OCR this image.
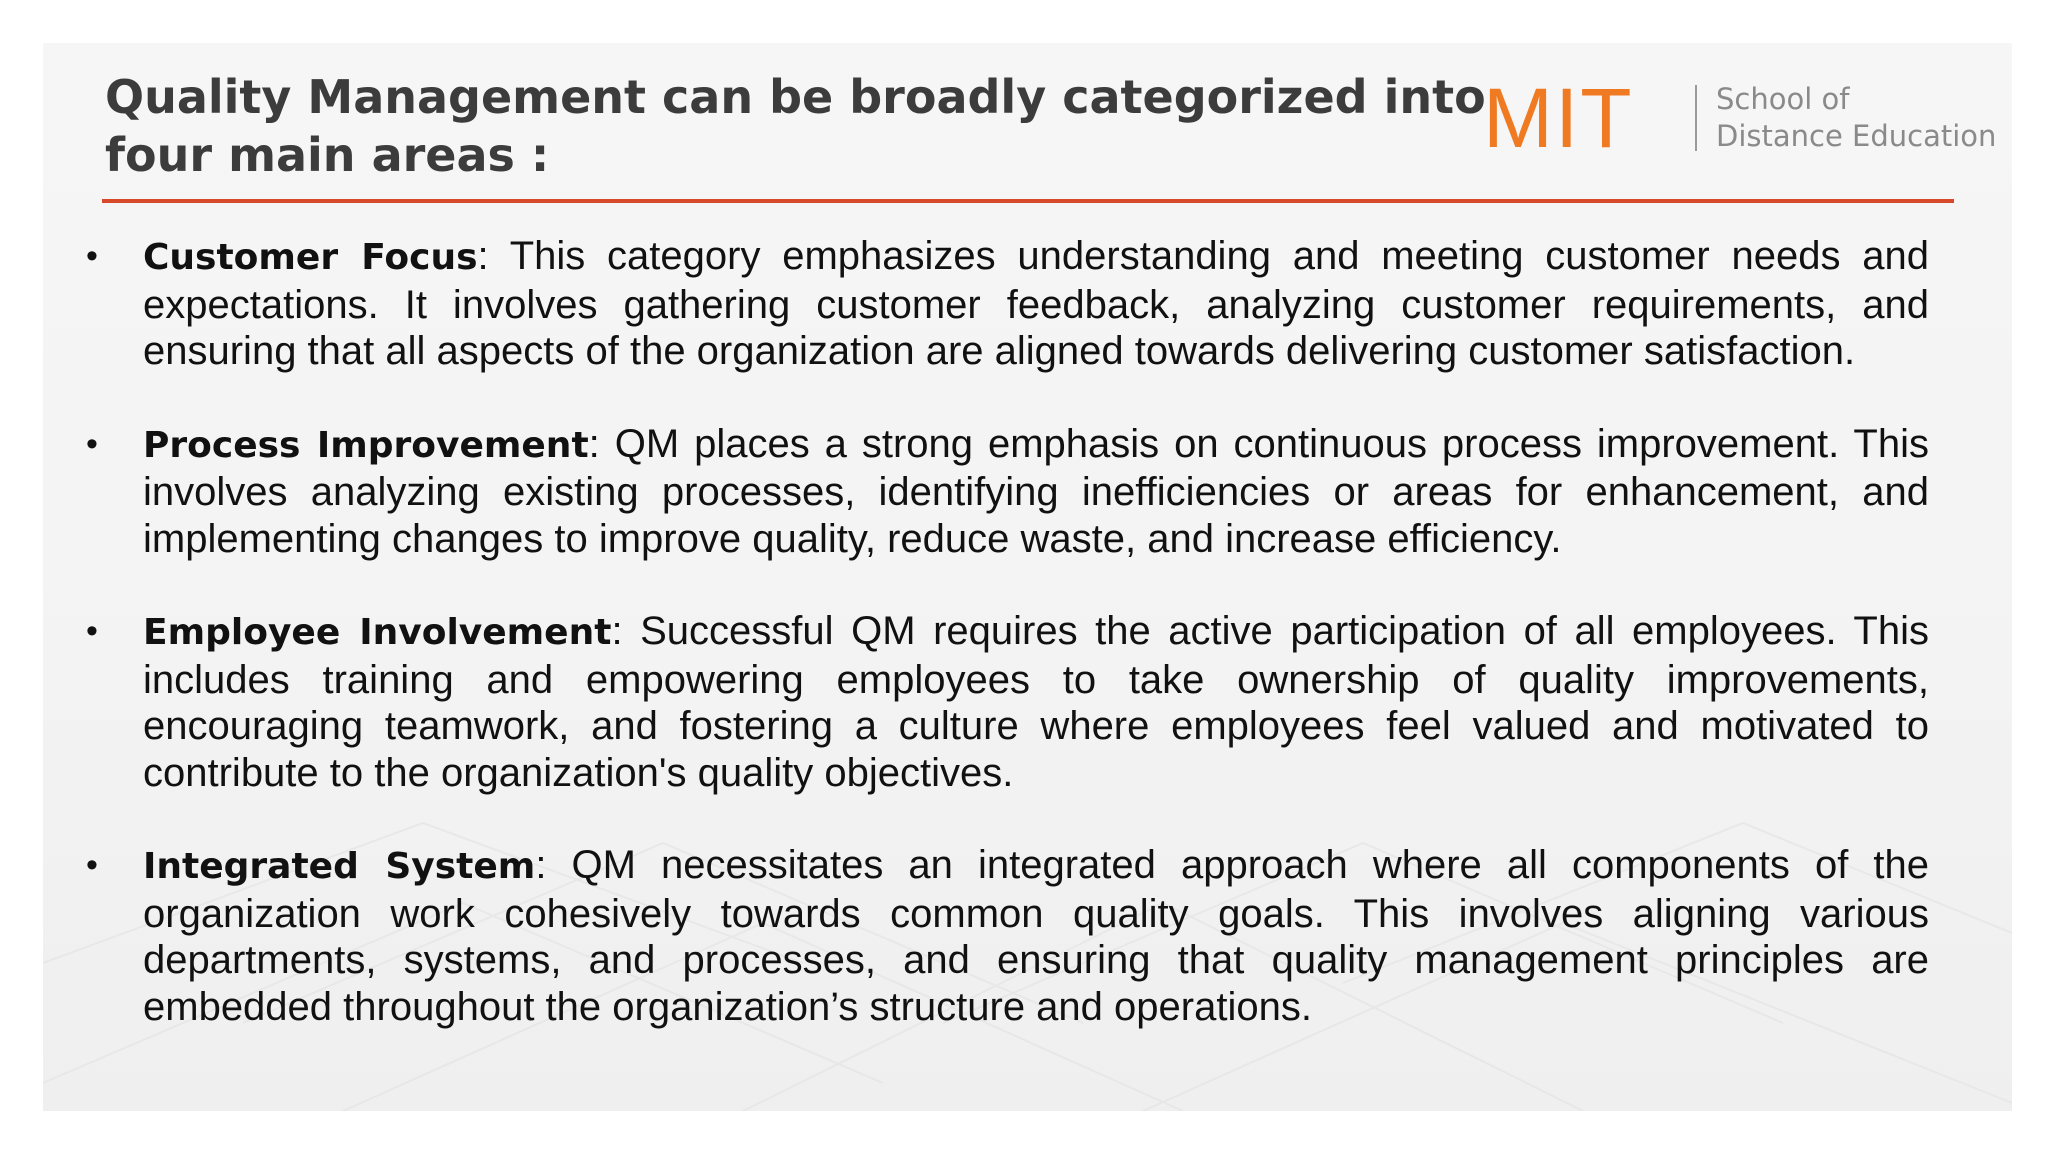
Quality Management can be broadly categorized into four main areas :	MIT	School of
Distance Education
• Customer Focus: This category emphasizes understanding and meeting customer needs and expectations. It involves gathering customer feedback, analyzing customer requirements, and ensuring that all aspects of the organization are aligned towards delivering customer satisfaction.
• Process Improvement: QM places a strong emphasis on continuous process improvement. This involves analyzing existing processes, identifying inefficiencies or areas for enhancement, and implementing changes to improve quality, reduce waste, and increase efficiency.
• Employee Involvement: Successful QM requires the active participation of all employees. This includes training and empowering employees to take ownership of quality improvements, encouraging teamwork, and fostering a culture where employees feel valued and motivated to contribute to the organization's quality objectives.
• Integrated System: QM necessitates an integrated approach where all components of the organization work cohesively towards common quality goals. This involves aligning various departments, systems, and processes, and ensuring that quality management principles are embedded throughout the organization’s structure and operations.
